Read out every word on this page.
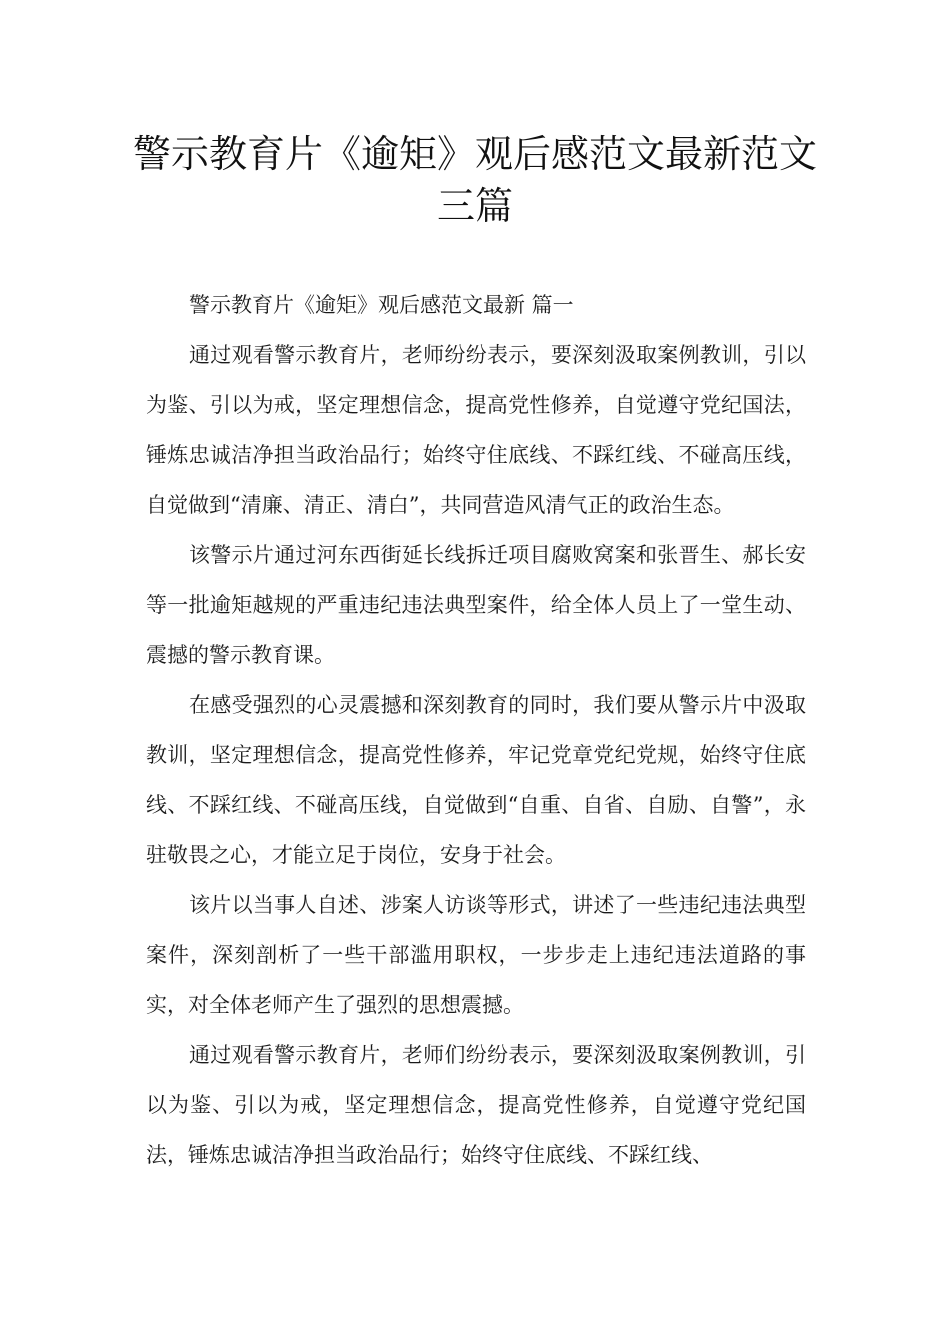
警示教育片《逾矩》观后感范文最新范文三篇

警示教育片《逾矩》观后感范文最新 篇一

通过观看警示教育片，老师纷纷表示，要深刻汲取案例教训，引以为鉴、引以为戒，坚定理想信念，提高党性修养，自觉遵守党纪国法，锤炼忠诚洁净担当政治品行；始终守住底线、不踩红线、不碰高压线，自觉做到“清廉、清正、清白”，共同营造风清气正的政治生态。

该警示片通过河东西街延长线拆迁项目腐败窝案和张晋生、郝长安等一批逾矩越规的严重违纪违法典型案件，给全体人员上了一堂生动、震撼的警示教育课。

在感受强烈的心灵震撼和深刻教育的同时，我们要从警示片中汲取教训，坚定理想信念，提高党性修养，牢记党章党纪党规，始终守住底线、不踩红线、不碰高压线，自觉做到“自重、自省、自励、自警”，永驻敬畏之心，才能立足于岗位，安身于社会。

该片以当事人自述、涉案人访谈等形式，讲述了一些违纪违法典型案件，深刻剖析了一些干部滥用职权，一步步走上违纪违法道路的事实，对全体老师产生了强烈的思想震撼。

通过观看警示教育片，老师们纷纷表示，要深刻汲取案例教训，引以为鉴、引以为戒，坚定理想信念，提高党性修养，自觉遵守党纪国法，锤炼忠诚洁净担当政治品行；始终守住底线、不踩红线、
